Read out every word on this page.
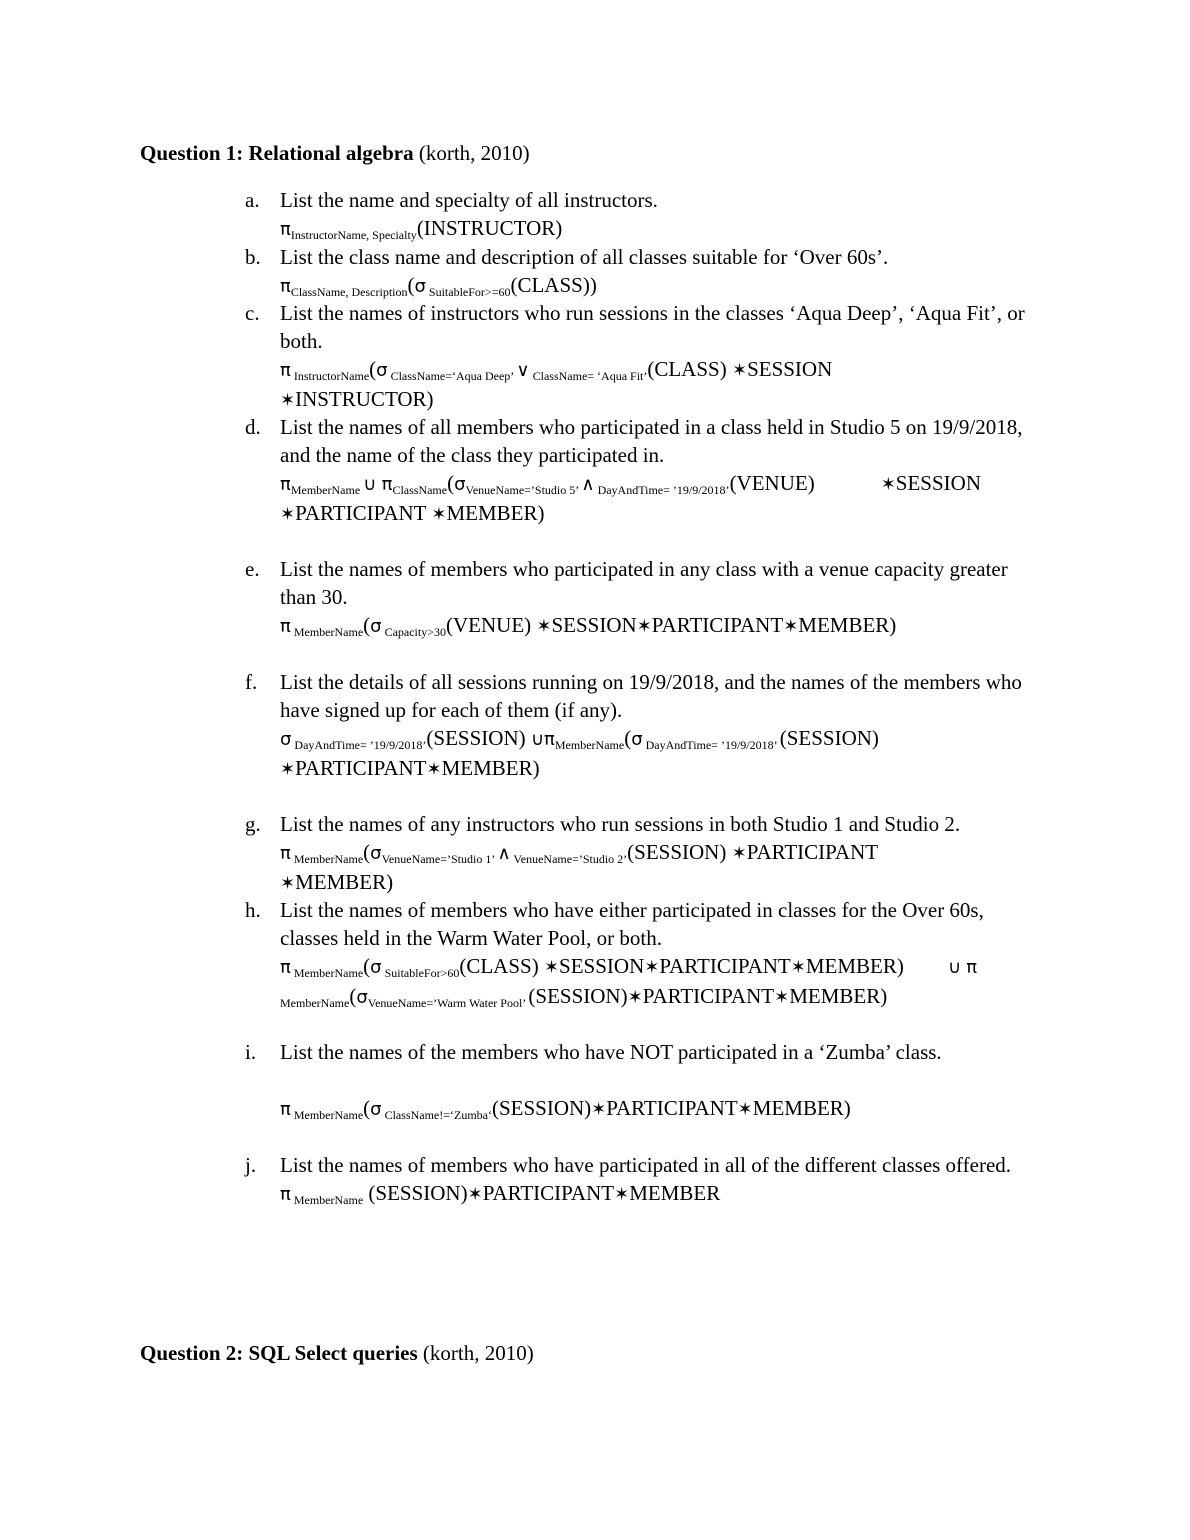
Question 1: Relational algebra (korth, 2010)
a. List the name and specialty of all instructors.
$\pi_{InstructorName, Specialty}(INSTRUCTOR)$
b. List the class name and description of all classes suitable for ‘Over 60s’.
$\pi_{ClassName, Description}(\sigma$ $_{SuitableFor>=60}$(CLASS))
c. List the names of instructors who run sessions in the classes ‘Aqua Deep’, ‘Aqua Fit’, or both.
π $_{InstructorName}$(σ $_{ClassName=‘Aqua Deep’}$ ∨ $_{ClassName= ‘Aqua Fit’}$(CLASS) ✶SESSION
✶INSTRUCTOR)
d. List the names of all members who participated in a class held in Studio 5 on 19/9/2018, and the name of the class they participated in.
$\pi_{MemberName}$ ∪ $\pi_{ClassName}(\sigma_{VenueName=’Studio 5’}$ ∧ $_{DayAndTime= ’19/9/2018’}$(VENUE)	✶SESSION
✶PARTICIPANT ✶MEMBER)
e. List the names of members who participated in any class with a venue capacity greater than 30.
π $_{MemberName}$(σ $_{Capacity>30}$(VENUE) ✶SESSION✶PARTICIPANT✶MEMBER)
f. List the details of all sessions running on 19/9/2018, and the names of the members who have signed up for each of them (if any).
σ $_{DayAndTime= ’19/9/2018’}$(SESSION) $\cup\pi_{MemberName}(\sigma$ $_{DayAndTime= ’19/9/2018’}$ (SESSION)
✶PARTICIPANT✶MEMBER)
g. List the names of any instructors who run sessions in both Studio 1 and Studio 2.
π $_{MemberName}(\sigma_{VenueName=’Studio 1’}$ ∧ $_{VenueName=’Studio 2’}$(SESSION) ✶PARTICIPANT
✶MEMBER)
h. List the names of members who have either participated in classes for the Over 60s, classes held in the Warm Water Pool, or both.
π $_{MemberName}$(σ $_{SuitableFor>60}$(CLASS) ✶SESSION✶PARTICIPANT✶MEMBER) ∪ π
$_{MemberName}(\sigma_{VenueName=’Warm Water Pool’}$ (SESSION)✶PARTICIPANT✶MEMBER)
i. List the names of the members who have NOT participated in a ‘Zumba’ class.
π $_{MemberName}$(σ $_{ClassName!=‘Zumba‘}$(SESSION)✶PARTICIPANT✶MEMBER)
j. List the names of members who have participated in all of the different classes offered.
π $_{MemberName}$ (SESSION)✶PARTICIPANT✶MEMBER
Question 2: SQL Select queries (korth, 2010)
